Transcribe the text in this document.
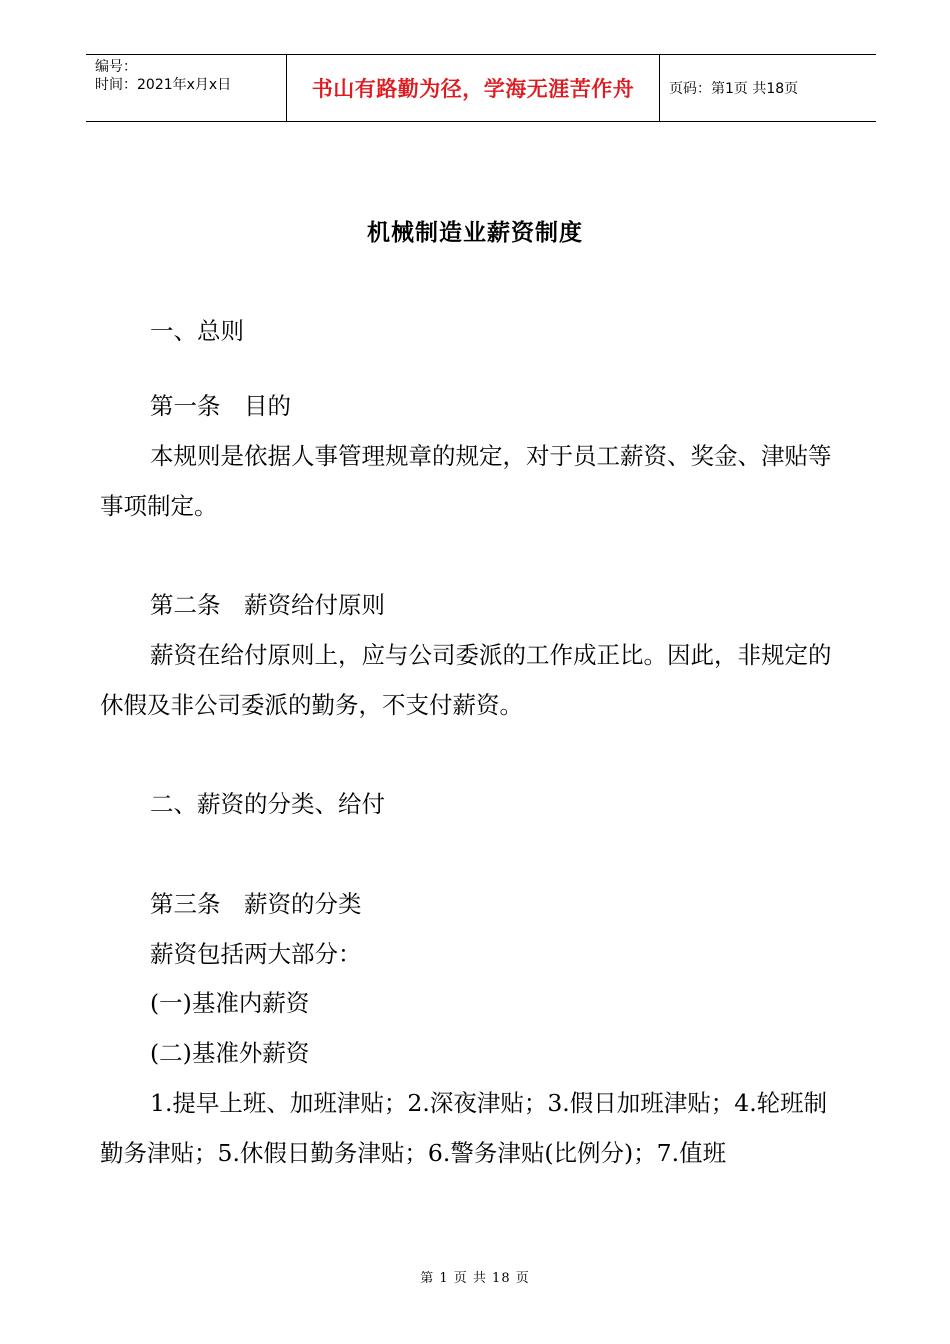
编号：
时间：2021年x月x日	书山有路勤为径，学海无涯苦作舟 页码：第1页 共18页
机械制造业薪资制度
一、总则
第一条　目的
本规则是依据人事管理规章的规定，对于员工薪资、奖金、津贴等事项制定。
第二条　薪资给付原则
薪资在给付原则上，应与公司委派的工作成正比。因此，非规定的休假及非公司委派的勤务，不支付薪资。
二、薪资的分类、给付
第三条　薪资的分类
薪资包括两大部分：
(一)基准内薪资
(二)基准外薪资
1.提早上班、加班津贴；2.深夜津贴；3.假日加班津贴；4.轮班制勤务津贴；5.休假日勤务津贴；6.警务津贴(比例分)；7.值班
第 1 页 共 18 页
